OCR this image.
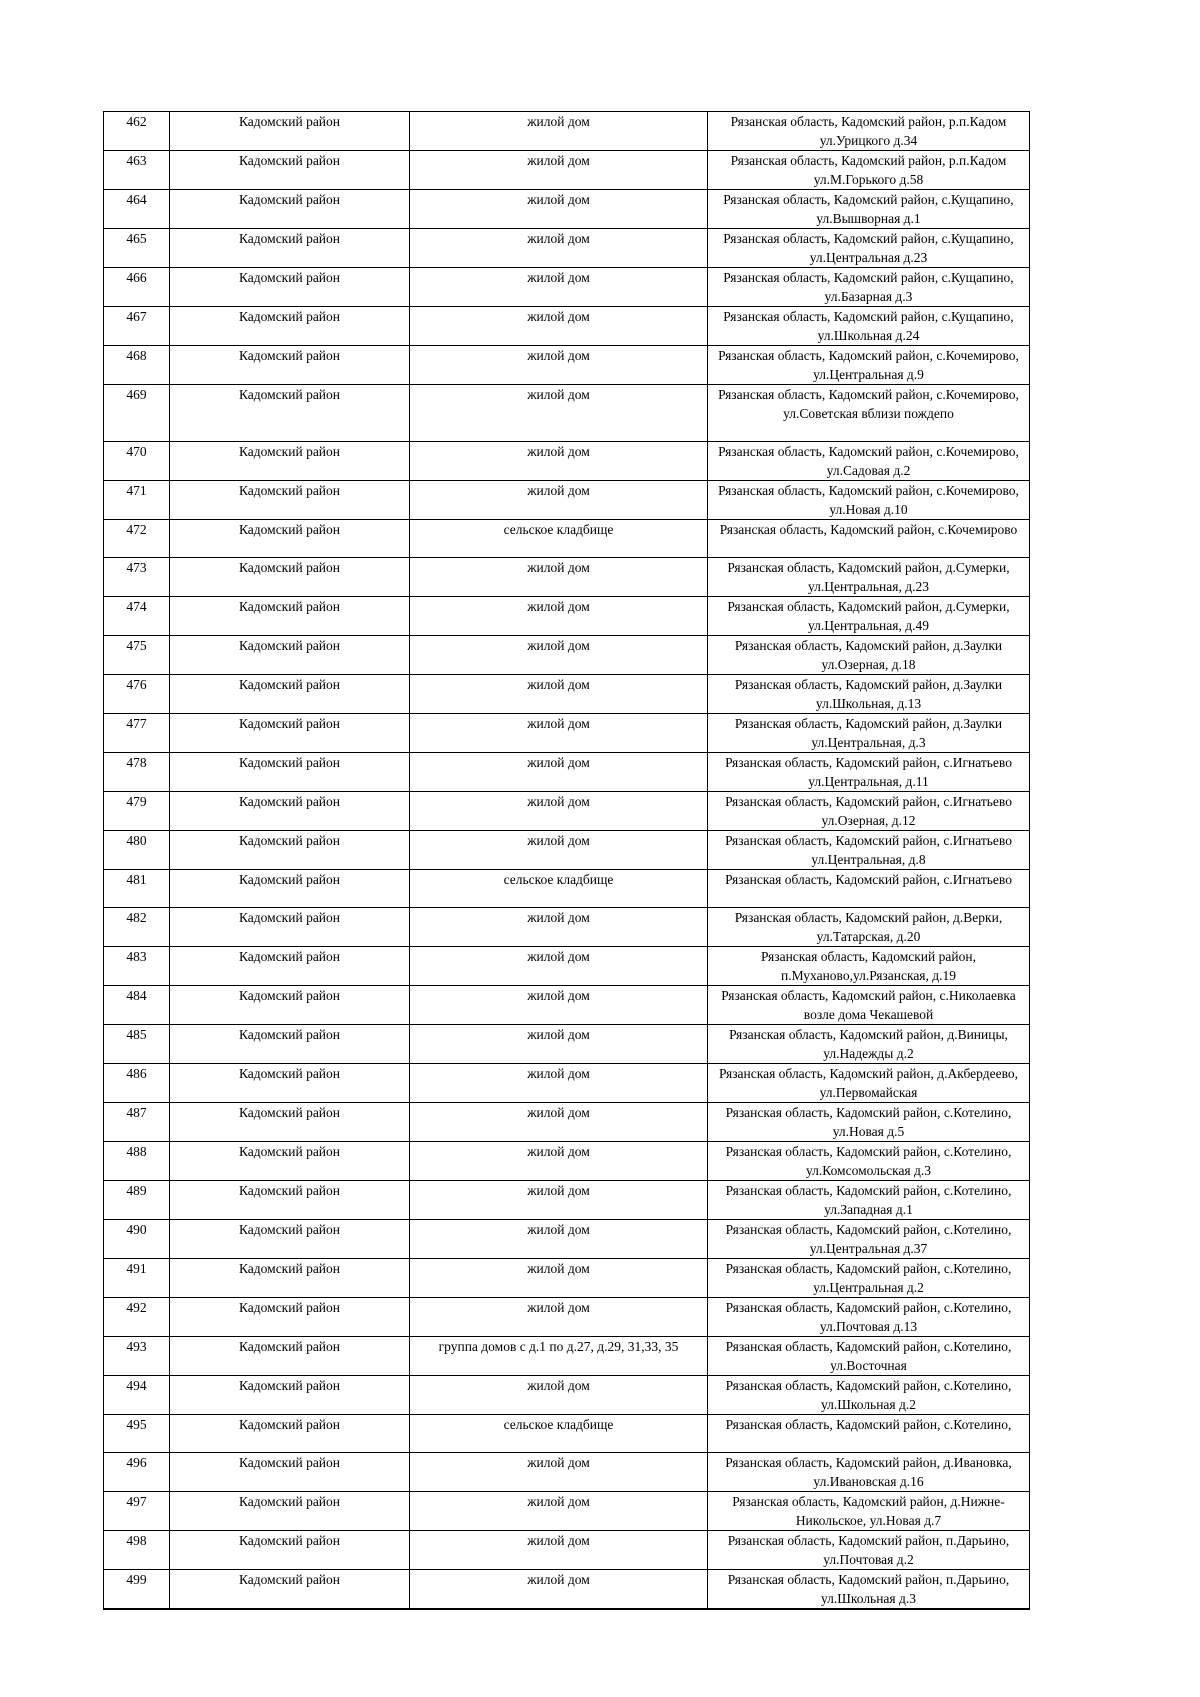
462	Кадомский район	жилой дом	Рязанская область, Кадомский район, р.п.Кадом ул.Урицкого д.34
463	Кадомский район	жилой дом	Рязанская область, Кадомский район, р.п.Кадом ул.М.Горького д.58
464	Кадомский район	жилой дом	Рязанская область, Кадомский район, с.Кущапино, ул.Вышворная д.1
465	Кадомский район	жилой дом	Рязанская область, Кадомский район, с.Кущапино, ул.Центральная д.23
466	Кадомский район	жилой дом	Рязанская область, Кадомский район, с.Кущапино, ул.Базарная д.3
467	Кадомский район	жилой дом	Рязанская область, Кадомский район, с.Кущапино, ул.Школьная д.24
468	Кадомский район	жилой дом	Рязанская область, Кадомский район, с.Кочемирово, ул.Центральная д.9
469	Кадомский район	жилой дом	Рязанская область, Кадомский район, с.Кочемирово, ул.Советская вблизи пождепо
470	Кадомский район	жилой дом	Рязанская область, Кадомский район, с.Кочемирово, ул.Садовая д.2
471	Кадомский район	жилой дом	Рязанская область, Кадомский район, с.Кочемирово, ул.Новая д.10
472	Кадомский район	сельское кладбище	Рязанская область, Кадомский район, с.Кочемирово
473	Кадомский район	жилой дом	Рязанская область, Кадомский район, д.Сумерки, ул.Центральная, д.23
474	Кадомский район	жилой дом	Рязанская область, Кадомский район, д.Сумерки, ул.Центральная, д.49
475	Кадомский район	жилой дом	Рязанская область, Кадомский район, д.Заулки ул.Озерная, д.18
476	Кадомский район	жилой дом	Рязанская область, Кадомский район, д.Заулки ул.Школьная, д.13
477	Кадомский район	жилой дом	Рязанская область, Кадомский район, д.Заулки ул.Центральная, д.3
478	Кадомский район	жилой дом	Рязанская область, Кадомский район, с.Игнатьево ул.Центральная, д.11
479	Кадомский район	жилой дом	Рязанская область, Кадомский район, с.Игнатьево ул.Озерная, д.12
480	Кадомский район	жилой дом	Рязанская область, Кадомский район, с.Игнатьево ул.Центральная, д.8
481	Кадомский район	сельское кладбище	Рязанская область, Кадомский район, с.Игнатьево
482	Кадомский район	жилой дом	Рязанская область, Кадомский район, д.Верки, ул.Татарская, д.20
483	Кадомский район	жилой дом	Рязанская область, Кадомский район, п.Муханово,ул.Рязанская, д.19
484	Кадомский район	жилой дом	Рязанская область, Кадомский район, с.Николаевка возле дома Чекашевой
485	Кадомский район	жилой дом	Рязанская область, Кадомский район, д.Виницы, ул.Надежды д.2
486	Кадомский район	жилой дом	Рязанская область, Кадомский район, д.Акбердеево, ул.Первомайская
487	Кадомский район	жилой дом	Рязанская область, Кадомский район, с.Котелино, ул.Новая д.5
488	Кадомский район	жилой дом	Рязанская область, Кадомский район, с.Котелино, ул.Комсомольская д.3
489	Кадомский район	жилой дом	Рязанская область, Кадомский район, с.Котелино, ул.Западная д.1
490	Кадомский район	жилой дом	Рязанская область, Кадомский район, с.Котелино, ул.Центральная д.37
491	Кадомский район	жилой дом	Рязанская область, Кадомский район, с.Котелино, ул.Центральная д.2
492	Кадомский район	жилой дом	Рязанская область, Кадомский район, с.Котелино, ул.Почтовая д.13
493	Кадомский район	группа домов с д.1 по д.27, д.29, 31,33, 35	Рязанская область, Кадомский район, с.Котелино, ул.Восточная
494	Кадомский район	жилой дом	Рязанская область, Кадомский район, с.Котелино, ул.Школьная д.2
495	Кадомский район	сельское кладбище	Рязанская область, Кадомский район, с.Котелино,
496	Кадомский район	жилой дом	Рязанская область, Кадомский район, д.Ивановка, ул.Ивановская д.16
497	Кадомский район	жилой дом	Рязанская область, Кадомский район, д.Нижне-Никольское, ул.Новая д.7
498	Кадомский район	жилой дом	Рязанская область, Кадомский район, п.Дарьино, ул.Почтовая д.2
499	Кадомский район	жилой дом	Рязанская область, Кадомский район, п.Дарьино, ул.Школьная д.3
